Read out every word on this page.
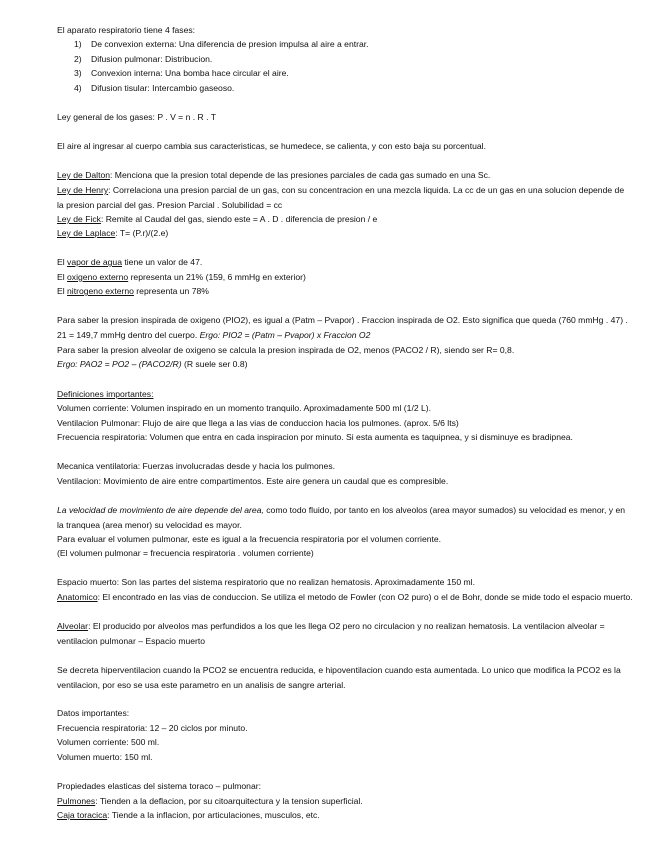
El aparato respiratorio tiene 4 fases:
1) De convexion externa: Una diferencia de presion impulsa al aire a entrar.
2) Difusion pulmonar: Distribucion.
3) Convexion interna: Una bomba hace circular el aire.
4) Difusion tisular: Intercambio gaseoso.
Ley general de los gases: P . V = n . R . T
El aire al ingresar al cuerpo cambia sus caracteristicas, se humedece, se calienta, y con esto baja su porcentual.
Ley de Dalton: Menciona que la presion total depende de las presiones parciales de cada gas sumado en una Sc.
Ley de Henry: Correlaciona una presion parcial de un gas, con su concentracion en una mezcla liquida. La cc de un gas en una solucion depende de la presion parcial del gas. Presion Parcial . Solubilidad = cc
Ley de Fick: Remite al Caudal del gas, siendo este = A . D . diferencia de presion / e
Ley de Laplace: T= (P.r)/(2.e)
El vapor de agua tiene un valor de 47.
El oxigeno externo representa un 21% (159, 6 mmHg en exterior)
El nitrogeno externo representa un 78%
Para saber la presion inspirada de oxigeno (PIO2), es igual a (Patm – Pvapor) . Fraccion inspirada de O2. Esto significa que queda (760 mmHg . 47) . 21 = 149,7 mmHg dentro del cuerpo. Ergo: PIO2 = (Patm – Pvapor) x Fraccion O2
Para saber la presion alveolar de oxigeno se calcula la presion inspirada de O2, menos (PACO2 / R), siendo ser R= 0,8.
Ergo: PAO2 = PO2 – (PACO2/R) (R suele ser 0.8)
Definiciones importantes:
Volumen corriente: Volumen inspirado en un momento tranquilo. Aproximadamente 500 ml (1/2 L).
Ventilacion Pulmonar: Flujo de aire que llega a las vias de conduccion hacia los pulmones. (aprox. 5/6 lts)
Frecuencia respiratoria: Volumen que entra en cada inspiracion por minuto. Si esta aumenta es taquipnea, y si disminuye es bradipnea.
Mecanica ventilatoria: Fuerzas involucradas desde y hacia los pulmones.
Ventilacion: Movimiento de aire entre compartimentos. Este aire genera un caudal que es compresible.
La velocidad de movimiento de aire depende del area, como todo fluido, por tanto en los alveolos (area mayor sumados) su velocidad es menor, y en la tranquea (area menor) su velocidad es mayor.
Para evaluar el volumen pulmonar, este es igual a la frecuencia respiratoria por el volumen corriente.
(El volumen pulmonar = frecuencia respiratoria . volumen corriente)
Espacio muerto: Son las partes del sistema respiratorio que no realizan hematosis. Aproximadamente 150 ml.
Anatomico: El encontrado en las vias de conduccion. Se utiliza el metodo de Fowler (con O2 puro) o el de Bohr, donde se mide todo el espacio muerto.
Alveolar: El producido por alveolos mas perfundidos a los que les llega O2 pero no circulacion y no realizan hematosis. La ventilacion alveolar = ventilacion pulmonar – Espacio muerto
Se decreta hiperventilacion cuando la PCO2 se encuentra reducida, e hipoventilacion cuando esta aumentada. Lo unico que modifica la PCO2 es la ventilacion, por eso se usa este parametro en un analisis de sangre arterial.
Datos importantes:
Frecuencia respiratoria: 12 – 20 ciclos por minuto.
Volumen corriente: 500 ml.
Volumen muerto: 150 ml.
Propiedades elasticas del sistema toraco – pulmonar:
Pulmones: Tienden a la deflacion, por su citoarquitectura y la tension superficial.
Caja toracica: Tiende a la inflacion, por articulaciones, musculos, etc.
